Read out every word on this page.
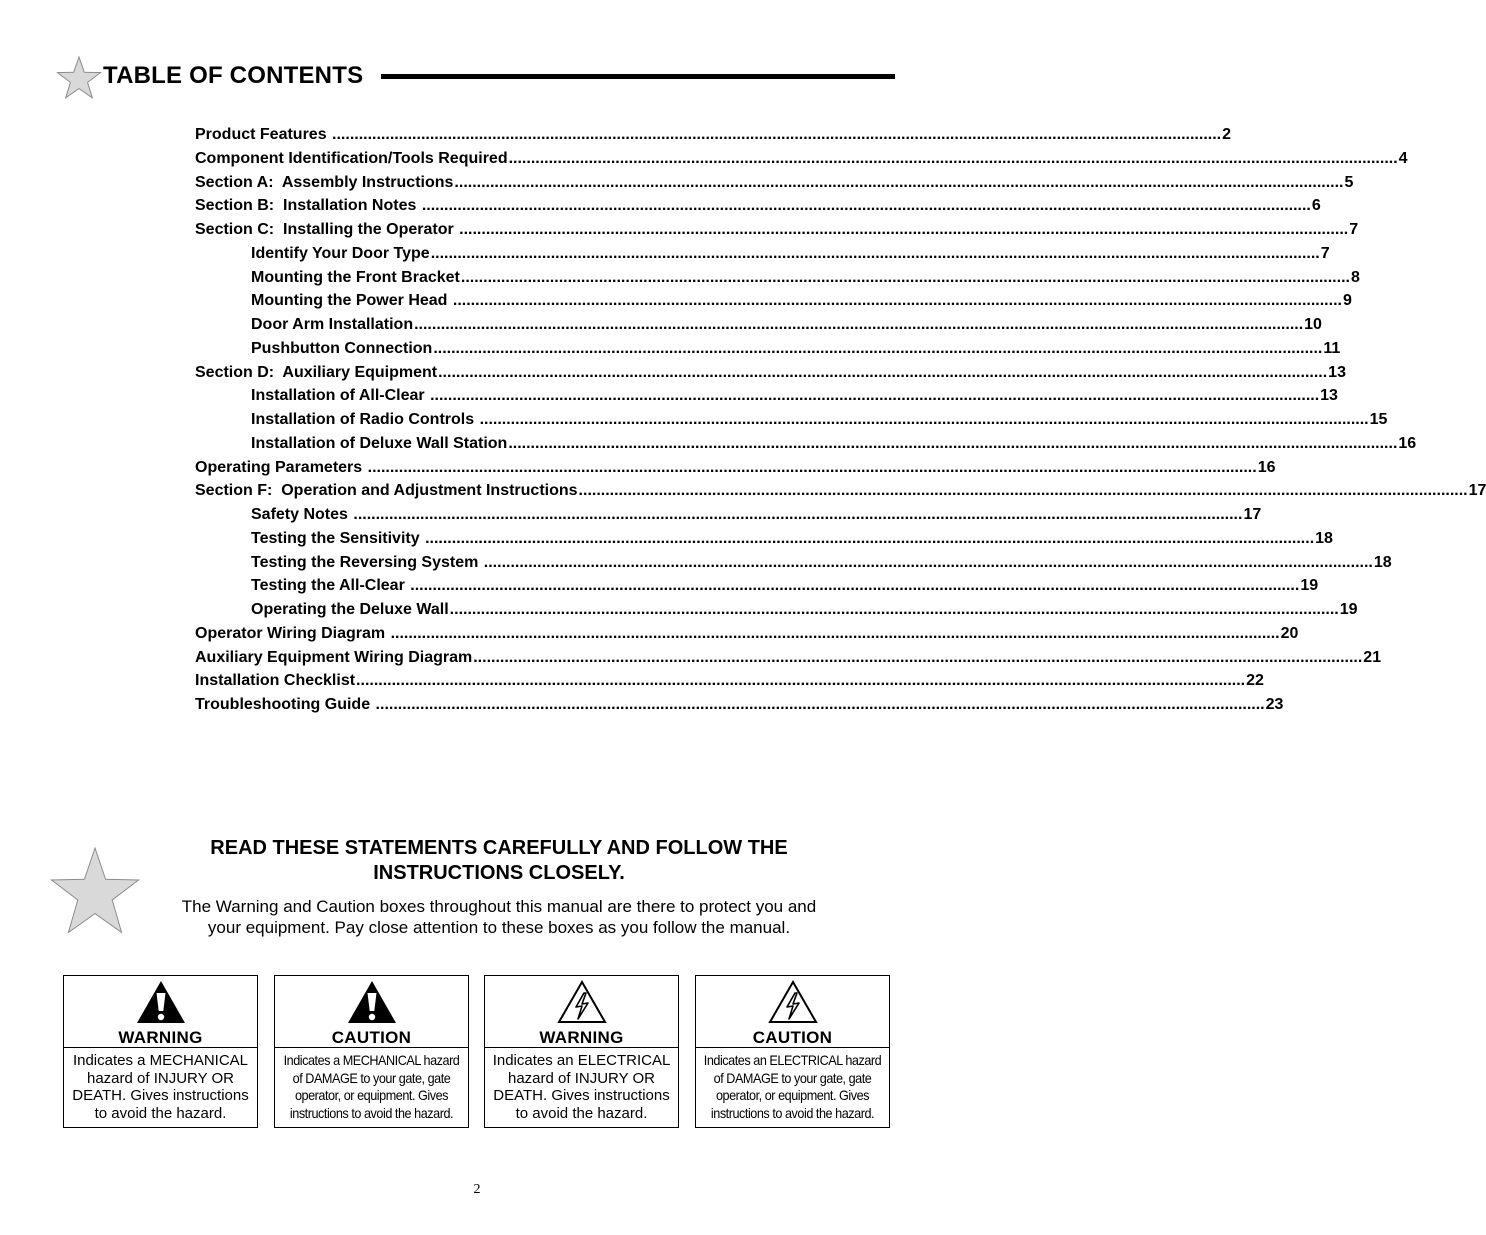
TABLE OF CONTENTS
Product Features ........................................................................................................................................................................................................ 2
Component Identification/Tools Required ........................................................................................................................................................................................................ 4
Section A:  Assembly Instructions ........................................................................................................................................................................................................ 5
Section B:  Installation Notes ........................................................................................................................................................................................................ 6
Section C:  Installing the Operator ........................................................................................................................................................................................................ 7
Identify Your Door Type ........................................................................................................................................................................................................ 7
Mounting the Front Bracket ........................................................................................................................................................................................................ 8
Mounting the Power Head ........................................................................................................................................................................................................ 9
Door Arm Installation ........................................................................................................................................................................................................ 10
Pushbutton Connection ........................................................................................................................................................................................................ 11
Section D:  Auxiliary Equipment ........................................................................................................................................................................................................ 13
Installation of All-Clear ........................................................................................................................................................................................................ 13
Installation of Radio Controls ........................................................................................................................................................................................................ 15
Installation of Deluxe Wall Station ........................................................................................................................................................................................................ 16
Operating Parameters ........................................................................................................................................................................................................ 16
Section F:  Operation and Adjustment Instructions ........................................................................................................................................................................................................ 17
Safety Notes ........................................................................................................................................................................................................ 17
Testing the Sensitivity ........................................................................................................................................................................................................ 18
Testing the Reversing System ........................................................................................................................................................................................................ 18
Testing the All-Clear ........................................................................................................................................................................................................ 19
Operating the Deluxe Wall ........................................................................................................................................................................................................ 19
Operator Wiring Diagram ........................................................................................................................................................................................................ 20
Auxiliary Equipment Wiring Diagram ........................................................................................................................................................................................................ 21
Installation Checklist ........................................................................................................................................................................................................ 22
Troubleshooting Guide ........................................................................................................................................................................................................ 23
READ THESE STATEMENTS CAREFULLY AND FOLLOW THE
INSTRUCTIONS CLOSELY.
The Warning and Caution boxes throughout this manual are there to protect you and
your equipment. Pay close attention to these boxes as you follow the manual.
WARNING
Indicates a MECHANICAL
hazard of INJURY OR
DEATH. Gives instructions
to avoid the hazard.
CAUTION
Indicates a MECHANICAL hazard
of DAMAGE to your gate, gate
operator, or equipment. Gives
instructions to avoid the hazard.
WARNING
Indicates an ELECTRICAL
hazard of INJURY OR
DEATH. Gives instructions
to avoid the hazard.
CAUTION
Indicates an ELECTRICAL hazard
of DAMAGE to your gate, gate
operator, or equipment. Gives
instructions to avoid the hazard.
2
